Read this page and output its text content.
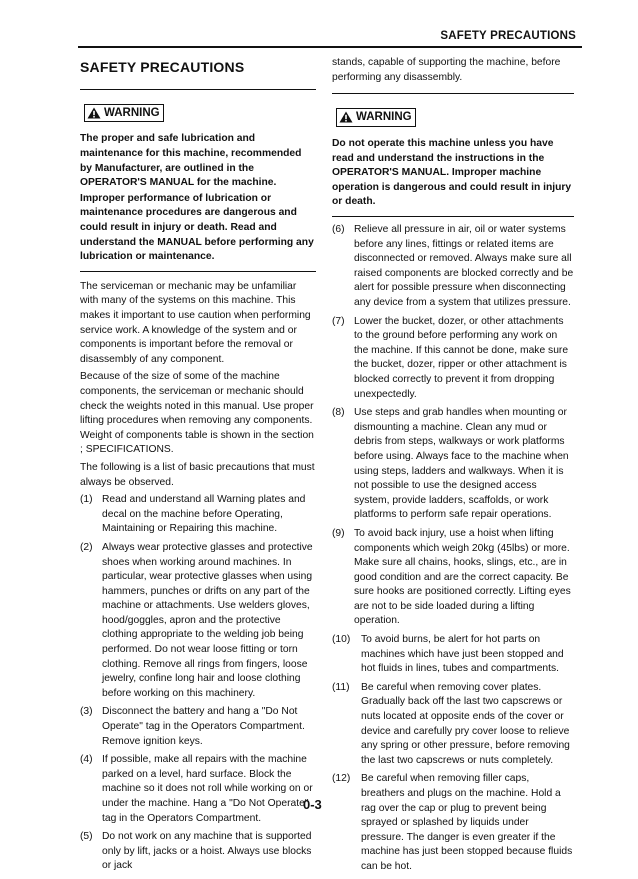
SAFETY PRECAUTIONS
SAFETY PRECAUTIONS
WARNING

The proper and safe lubrication and maintenance for this machine, recommended by Manufacturer, are outlined in the OPERATOR'S MANUAL for the machine.

Improper performance of lubrication or maintenance procedures are dangerous and could result in injury or death. Read and understand the MANUAL before performing any lubrication or maintenance.

The serviceman or mechanic may be unfamiliar with many of the systems on this machine. This makes it important to use caution when performing service work. A knowledge of the system and or components is important before the removal or disassembly of any component.

Because of the size of some of the machine components, the serviceman or mechanic should check the weights noted in this manual. Use proper lifting procedures when removing any components. Weight of components table is shown in the section ; SPECIFICATIONS.

The following is a list of basic precautions that must always be observed.

(1) Read and understand all Warning plates and decal on the machine before Operating, Maintaining or Repairing this machine.
(2) Always wear protective glasses and protective shoes when working around machines. In particular, wear protective glasses when using hammers, punches or drifts on any part of the machine or attachments. Use welders gloves, hood/goggles, apron and the protective clothing appropriate to the welding job being performed. Do not wear loose fitting or torn clothing. Remove all rings from fingers, loose jewelry, confine long hair and loose clothing before working on this machinery.
(3) Disconnect the battery and hang a "Do Not Operate" tag in the Operators Compartment. Remove ignition keys.
(4) If possible, make all repairs with the machine parked on a level, hard surface. Block the machine so it does not roll while working on or under the machine. Hang a "Do Not Operate" tag in the Operators Compartment.
(5) Do not work on any machine that is supported only by lift, jacks or a hoist. Always use blocks or jack

stands, capable of supporting the machine, before performing any disassembly.

WARNING

Do not operate this machine unless you have read and understand the instructions in the OPERATOR'S MANUAL. Improper machine operation is dangerous and could result in injury or death.

(6) Relieve all pressure in air, oil or water systems before any lines, fittings or related items are disconnected or removed. Always make sure all raised components are blocked correctly and be alert for possible pressure when disconnecting any device from a system that utilizes pressure.
(7) Lower the bucket, dozer, or other attachments to the ground before performing any work on the machine. If this cannot be done, make sure the bucket, dozer, ripper or other attachment is blocked correctly to prevent it from dropping unexpectedly.
(8) Use steps and grab handles when mounting or dismounting a machine. Clean any mud or debris from steps, walkways or work platforms before using. Always face to the machine when using steps, ladders and walkways. When it is not possible to use the designed access system, provide ladders, scaffolds, or work platforms to perform safe repair operations.
(9) To avoid back injury, use a hoist when lifting components which weigh 20kg (45lbs) or more. Make sure all chains, hooks, slings, etc., are in good condition and are the correct capacity. Be sure hooks are positioned correctly. Lifting eyes are not to be side loaded during a lifting operation.
(10)	To avoid burns, be alert for hot parts on machines which have just been stopped and hot fluids in lines, tubes and compartments.
(11)	Be careful when removing cover plates. Gradually back off the last two capscrews or nuts located at opposite ends of the cover or device and carefully pry cover loose to relieve any spring or other pressure, before removing the last two capscrews or nuts completely.
(12)	Be careful when removing filler caps, breathers and plugs on the machine. Hold a rag over the cap or plug to prevent being sprayed or splashed by liquids under pressure. The danger is even greater if the machine has just been stopped because fluids can be hot.
0-3
